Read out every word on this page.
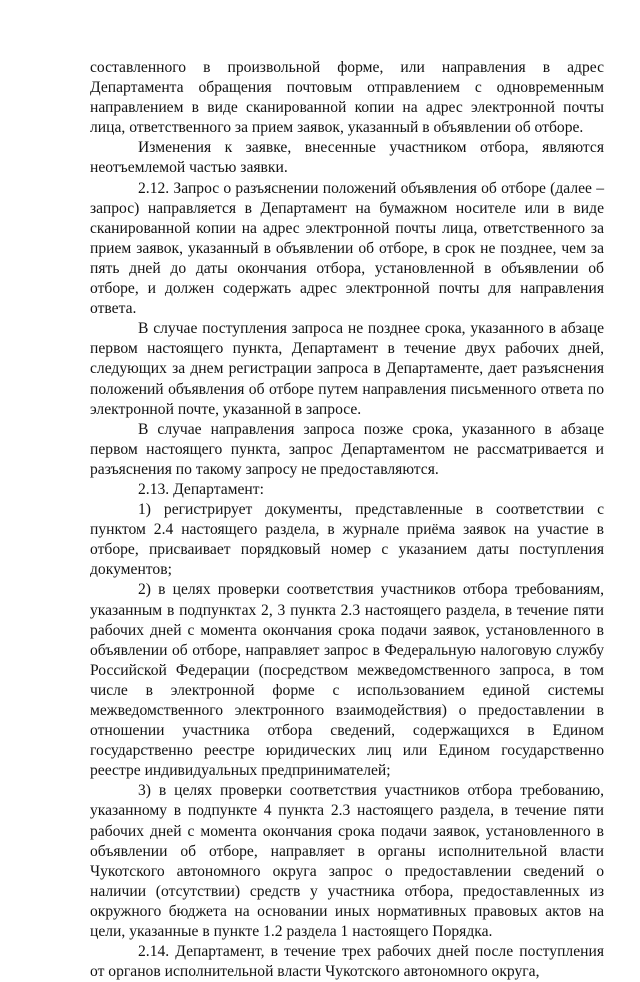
составленного в произвольной форме, или направления в адрес Департамента обращения почтовым отправлением с одновременным направлением в виде сканированной копии на адрес электронной почты лица, ответственного за прием заявок, указанный в объявлении об отборе.

Изменения к заявке, внесенные участником отбора, являются неотъемлемой частью заявки.

2.12. Запрос о разъяснении положений объявления об отборе (далее – запрос) направляется в Департамент на бумажном носителе или в виде сканированной копии на адрес электронной почты лица, ответственного за прием заявок, указанный в объявлении об отборе, в срок не позднее, чем за пять дней до даты окончания отбора, установленной в объявлении об отборе, и должен содержать адрес электронной почты для направления ответа.

В случае поступления запроса не позднее срока, указанного в абзаце первом настоящего пункта, Департамент в течение двух рабочих дней, следующих за днем регистрации запроса в Департаменте, дает разъяснения положений объявления об отборе путем направления письменного ответа по электронной почте, указанной в запросе.

В случае направления запроса позже срока, указанного в абзаце первом настоящего пункта, запрос Департаментом не рассматривается и разъяснения по такому запросу не предоставляются.

2.13. Департамент:

1) регистрирует документы, представленные в соответствии с пунктом 2.4 настоящего раздела, в журнале приёма заявок на участие в отборе, присваивает порядковый номер с указанием даты поступления документов;

2) в целях проверки соответствия участников отбора требованиям, указанным в подпунктах 2, 3 пункта 2.3 настоящего раздела, в течение пяти рабочих дней с момента окончания срока подачи заявок, установленного в объявлении об отборе, направляет запрос в Федеральную налоговую службу Российской Федерации (посредством межведомственного запроса, в том числе в электронной форме с использованием единой системы межведомственного электронного взаимодействия) о предоставлении в отношении участника отбора сведений, содержащихся в Едином государственно реестре юридических лиц или Едином государственно реестре индивидуальных предпринимателей;

3) в целях проверки соответствия участников отбора требованию, указанному в подпункте 4 пункта 2.3 настоящего раздела, в течение пяти рабочих дней с момента окончания срока подачи заявок, установленного в объявлении об отборе, направляет в органы исполнительной власти Чукотского автономного округа запрос о предоставлении сведений о наличии (отсутствии) средств у участника отбора, предоставленных из окружного бюджета на основании иных нормативных правовых актов на цели, указанные в пункте 1.2 раздела 1 настоящего Порядка.

2.14. Департамент, в течение трех рабочих дней после поступления от органов исполнительной власти Чукотского автономного округа,
